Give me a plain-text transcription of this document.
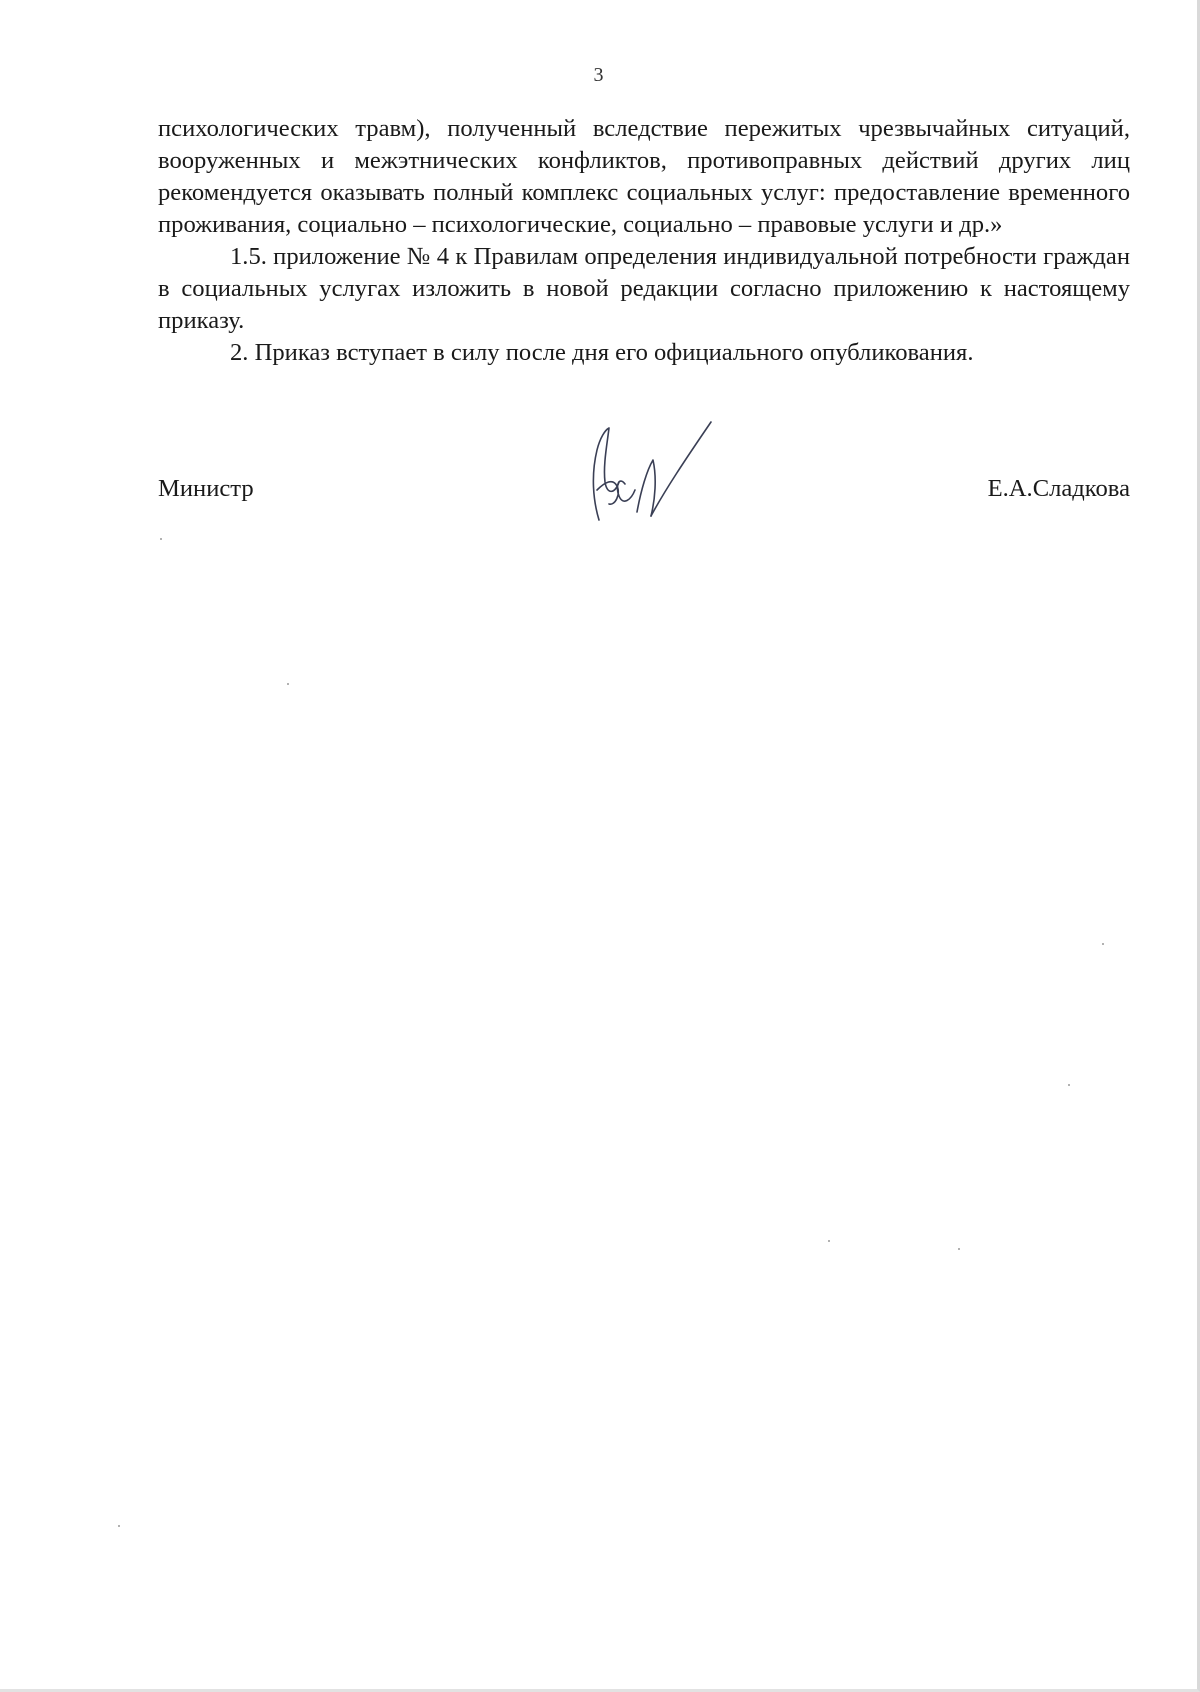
3

психологических травм), полученный вследствие пережитых чрезвычайных ситуаций, вооруженных и межэтнических конфликтов, противоправных действий других лиц рекомендуется оказывать полный комплекс социальных услуг: предоставление временного проживания, социально – психологические, социально – правовые услуги и др.»

1.5. приложение № 4 к Правилам определения индивидуальной потребности граждан в социальных услугах изложить в новой редакции согласно приложению к настоящему приказу.

2. Приказ вступает в силу после дня его официального опубликования.

Министр	Е.А.Сладкова
